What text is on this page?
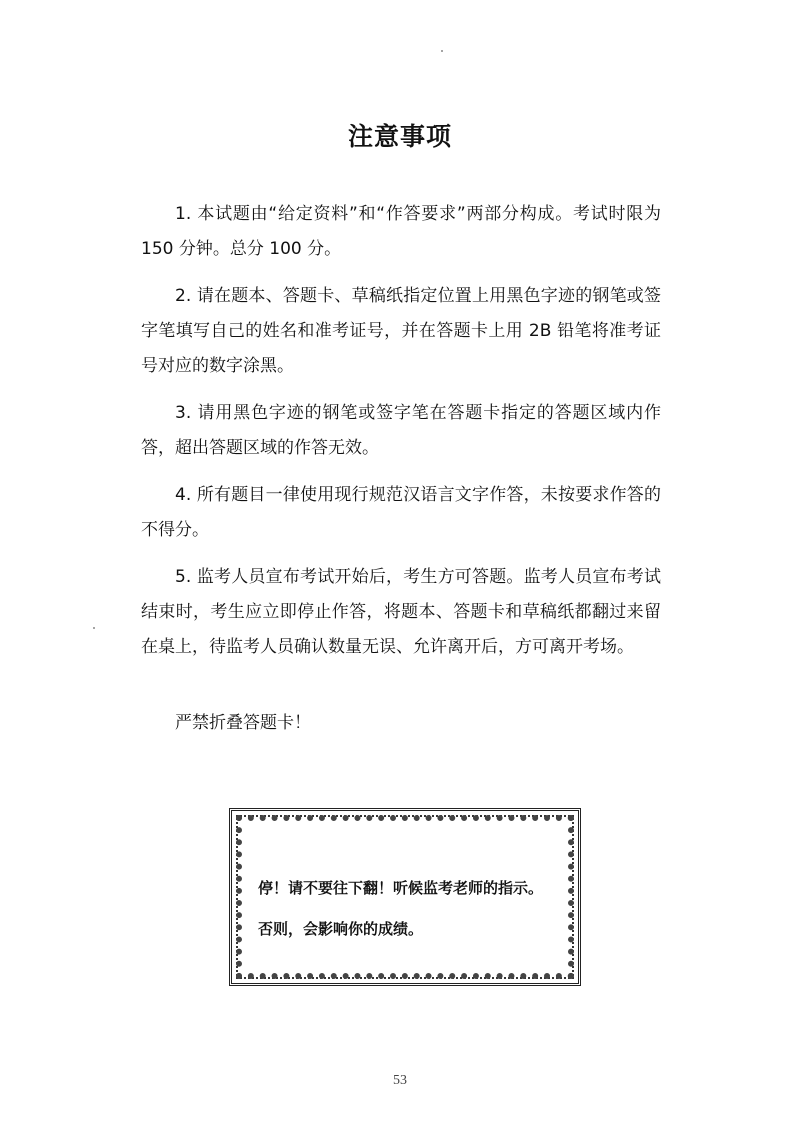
注意事项

1. 本试题由“给定资料”和“作答要求”两部分构成。考试时限为 150 分钟。总分 100 分。

2. 请在题本、答题卡、草稿纸指定位置上用黑色字迹的钢笔或签字笔填写自己的姓名和准考证号，并在答题卡上用 2B 铅笔将准考证号对应的数字涂黑。

3. 请用黑色字迹的钢笔或签字笔在答题卡指定的答题区域内作答，超出答题区域的作答无效。

4. 所有题目一律使用现行规范汉语言文字作答，未按要求作答的不得分。

5. 监考人员宣布考试开始后，考生方可答题。监考人员宣布考试结束时，考生应立即停止作答，将题本、答题卡和草稿纸都翻过来留在桌上，待监考人员确认数量无误、允许离开后，方可离开考场。

严禁折叠答题卡！

停！请不要往下翻！听候监考老师的指示。

否则，会影响你的成绩。

53
